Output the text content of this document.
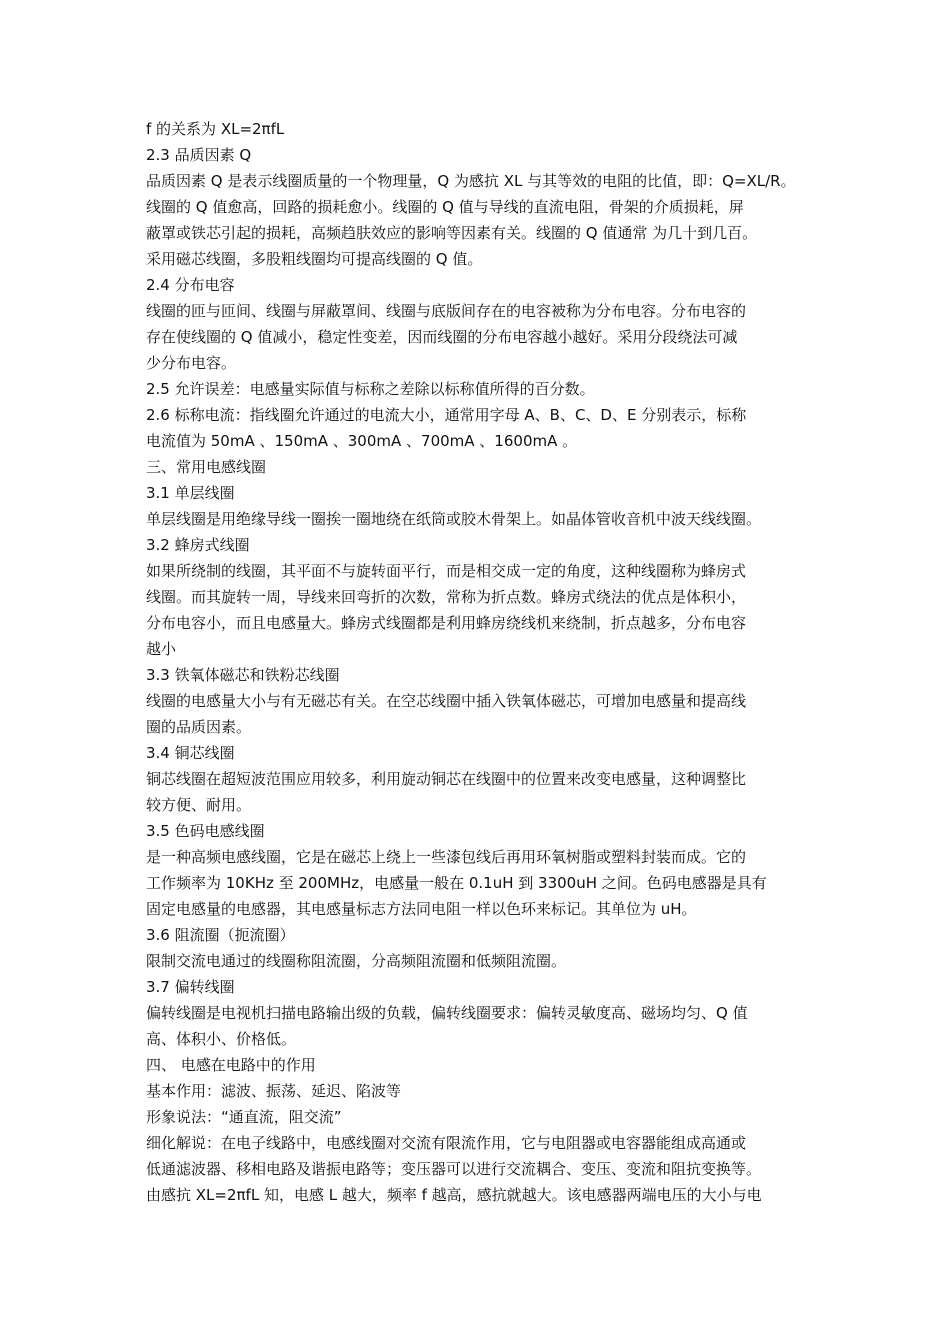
f 的关系为 XL=2πfL
2.3 品质因素 Q
品质因素 Q 是表示线圈质量的一个物理量，Q 为感抗 XL 与其等效的电阻的比值，即：Q=XL/R。
线圈的 Q 值愈高，回路的损耗愈小。线圈的 Q 值与导线的直流电阻，骨架的介质损耗，屏
蔽罩或铁芯引起的损耗，高频趋肤效应的影响等因素有关。线圈的 Q 值通常 为几十到几百。
采用磁芯线圈，多股粗线圈均可提高线圈的 Q 值。
2.4 分布电容
线圈的匝与匝间、线圈与屏蔽罩间、线圈与底版间存在的电容被称为分布电容。分布电容的
存在使线圈的 Q 值减小，稳定性变差，因而线圈的分布电容越小越好。采用分段绕法可减
少分布电容。
2.5 允许误差：电感量实际值与标称之差除以标称值所得的百分数。
2.6 标称电流：指线圈允许通过的电流大小，通常用字母 A、B、C、D、E 分别表示，标称
电流值为 50mA 、150mA 、300mA 、700mA 、1600mA 。
三、常用电感线圈
3.1 单层线圈
单层线圈是用绝缘导线一圈挨一圈地绕在纸筒或胶木骨架上。如晶体管收音机中波天线线圈。
3.2 蜂房式线圈
如果所绕制的线圈，其平面不与旋转面平行，而是相交成一定的角度，这种线圈称为蜂房式
线圈。而其旋转一周，导线来回弯折的次数，常称为折点数。蜂房式绕法的优点是体积小，
分布电容小，而且电感量大。蜂房式线圈都是利用蜂房绕线机来绕制，折点越多，分布电容
越小
3.3 铁氧体磁芯和铁粉芯线圈
线圈的电感量大小与有无磁芯有关。在空芯线圈中插入铁氧体磁芯，可增加电感量和提高线
圈的品质因素。
3.4 铜芯线圈
铜芯线圈在超短波范围应用较多，利用旋动铜芯在线圈中的位置来改变电感量，这种调整比
较方便、耐用。
3.5 色码电感线圈
是一种高频电感线圈，它是在磁芯上绕上一些漆包线后再用环氧树脂或塑料封装而成。它的
工作频率为 10KHz 至 200MHz，电感量一般在 0.1uH 到 3300uH 之间。色码电感器是具有
固定电感量的电感器，其电感量标志方法同电阻一样以色环来标记。其单位为 uH。
3.6 阻流圈（扼流圈）
限制交流电通过的线圈称阻流圈，分高频阻流圈和低频阻流圈。
3.7 偏转线圈
偏转线圈是电视机扫描电路输出级的负载，偏转线圈要求：偏转灵敏度高、磁场均匀、Q 值
高、体积小、价格低。
四、 电感在电路中的作用
基本作用：滤波、振荡、延迟、陷波等
形象说法：“通直流，阻交流”
细化解说：在电子线路中，电感线圈对交流有限流作用，它与电阻器或电容器能组成高通或
低通滤波器、移相电路及谐振电路等；变压器可以进行交流耦合、变压、变流和阻抗变换等。
由感抗 XL=2πfL 知，电感 L 越大，频率 f 越高，感抗就越大。该电感器两端电压的大小与电
